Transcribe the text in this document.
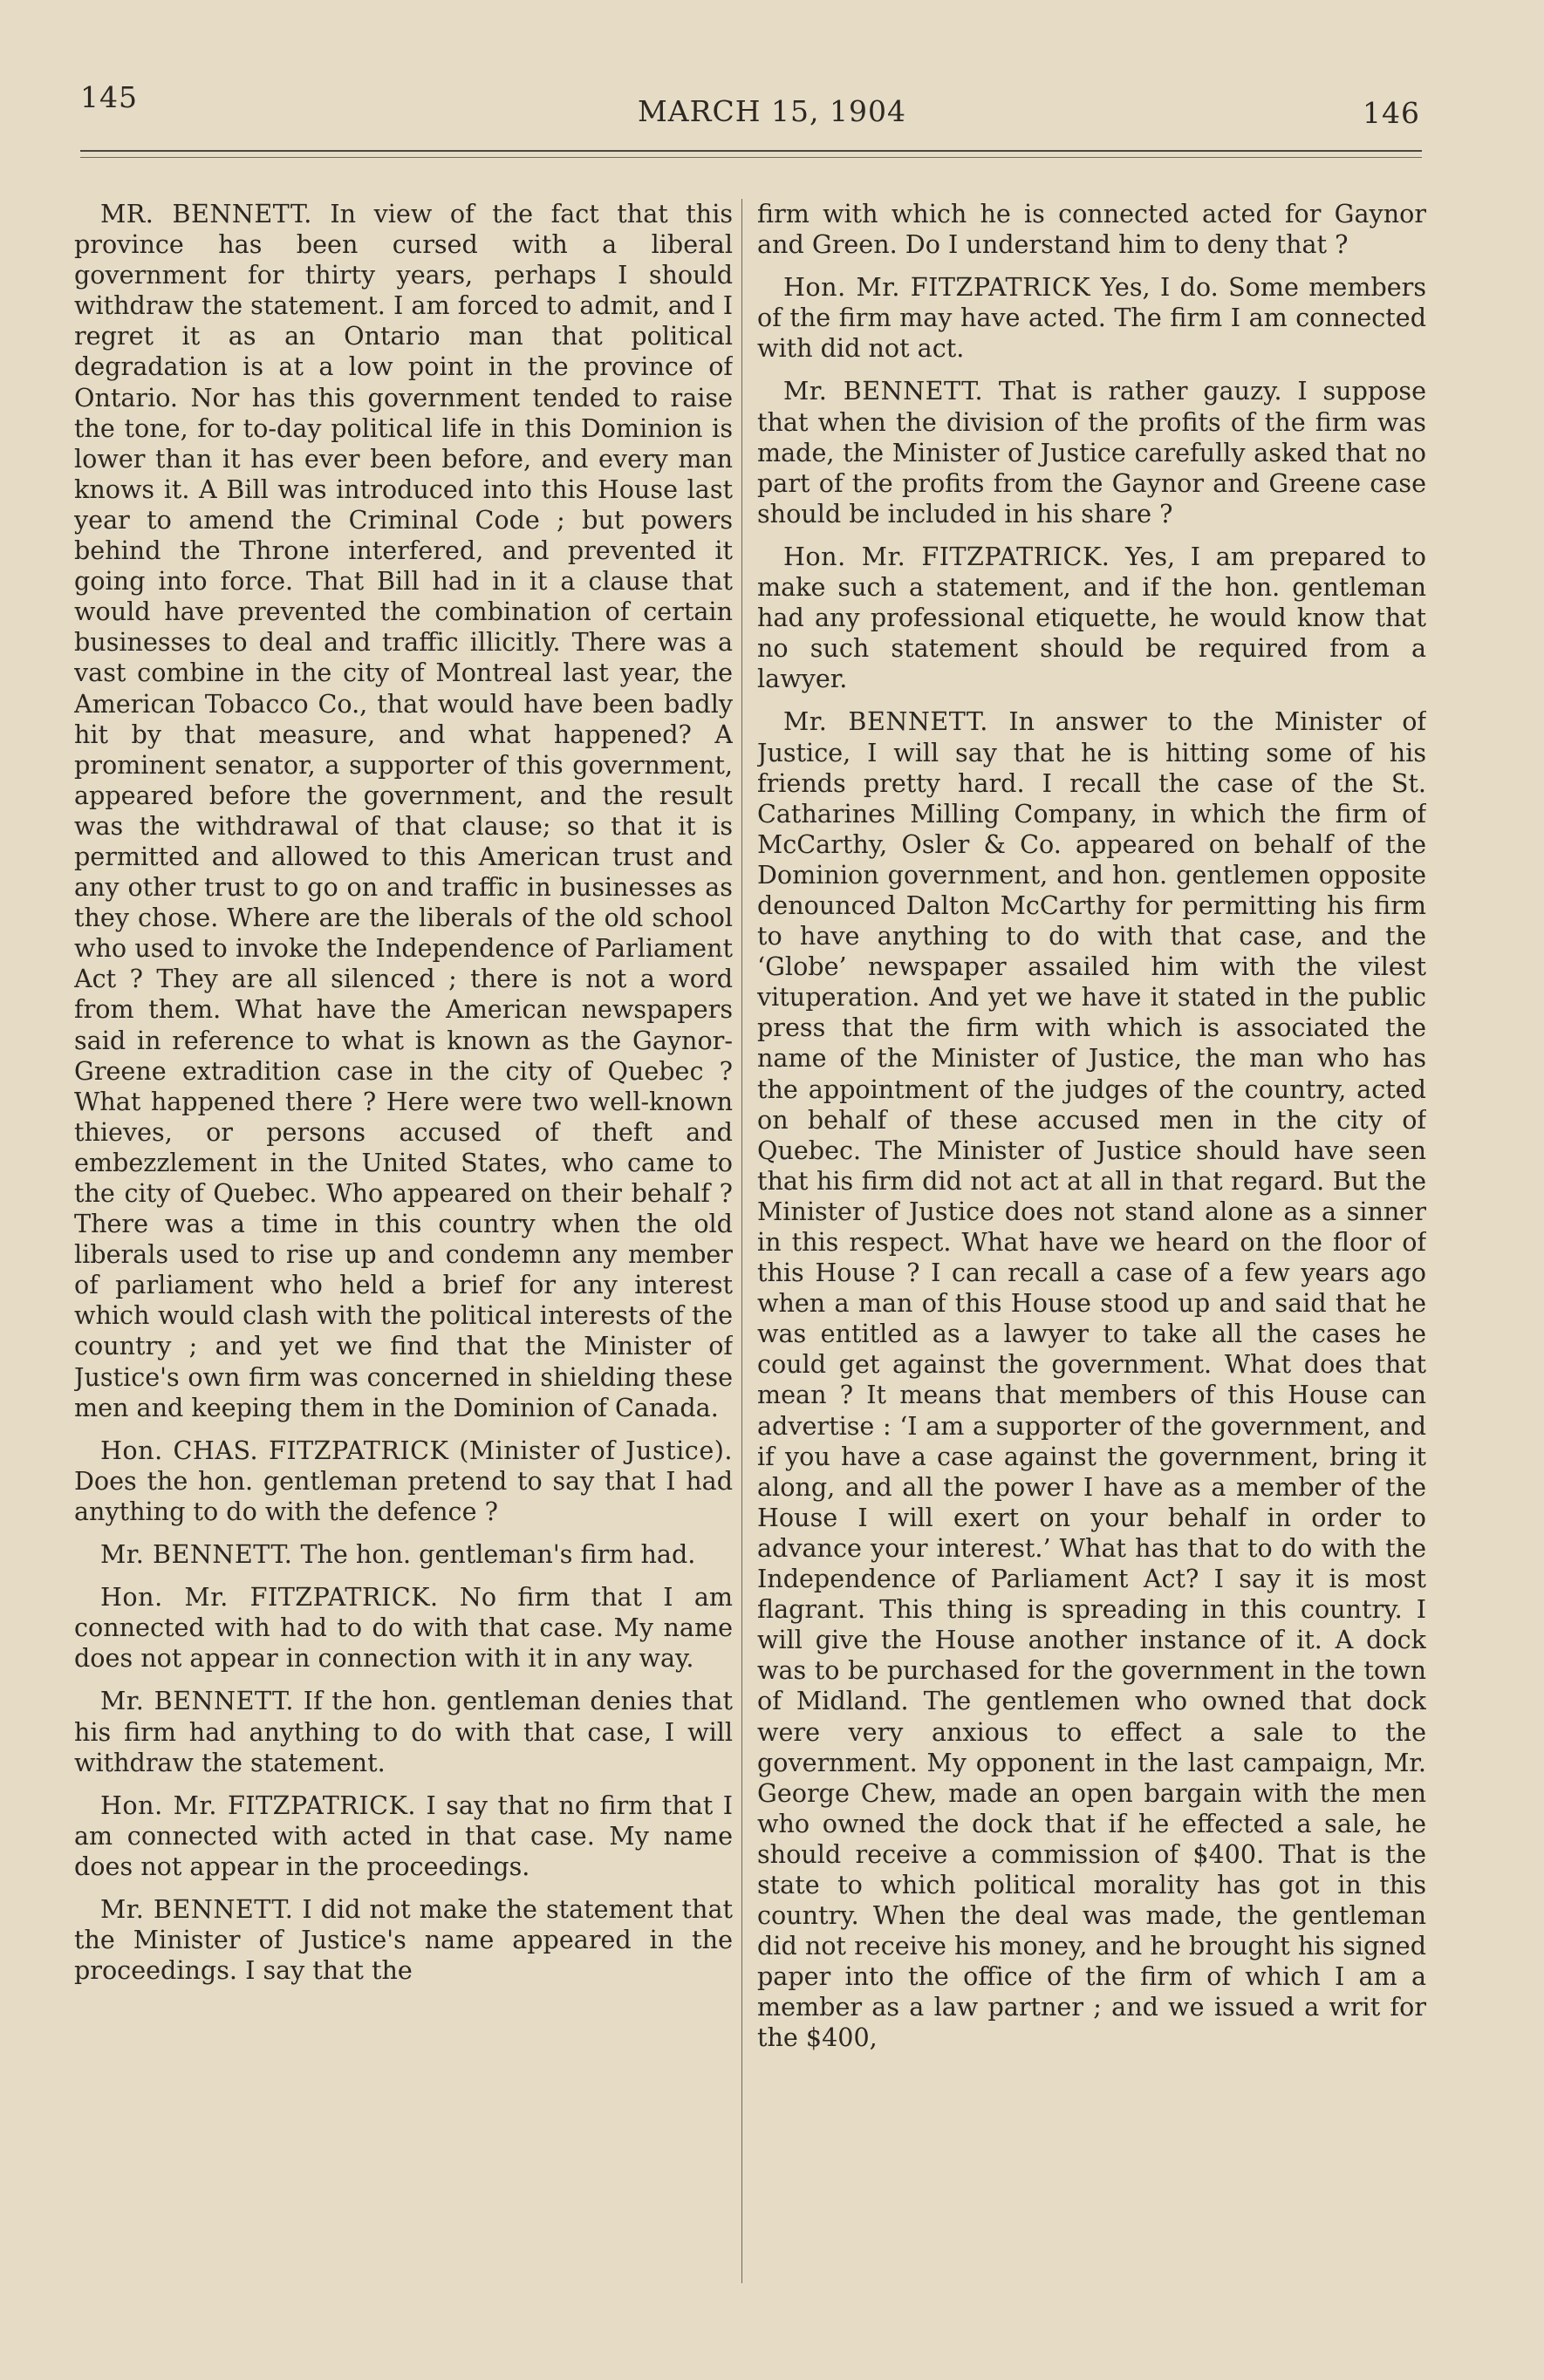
145	MARCH 15, 1904	146

MR. BENNETT. In view of the fact that this province has been cursed with a liberal government for thirty years, perhaps I should withdraw the statement. I am forced to admit, and I regret it as an Ontario man that political degradation is at a low point in the province of Ontario. Nor has this government tended to raise the tone, for to-day political life in this Dominion is lower than it has ever been before, and every man knows it. A Bill was introduced into this House last year to amend the Criminal Code ; but powers behind the Throne interfered, and prevented it going into force. That Bill had in it a clause that would have prevented the combination of certain businesses to deal and traffic illicitly. There was a vast combine in the city of Montreal last year, the American Tobacco Co., that would have been badly hit by that measure, and what happened? A prominent senator, a supporter of this government, appeared before the government, and the result was the withdrawal of that clause; so that it is permitted and allowed to this American trust and any other trust to go on and traffic in businesses as they chose. Where are the liberals of the old school who used to invoke the Independence of Parliament Act ? They are all silenced ; there is not a word from them. What have the American newspapers said in reference to what is known as the Gaynor-Greene extradition case in the city of Quebec ? What happened there ? Here were two well-known thieves, or persons accused of theft and embezzlement in the United States, who came to the city of Quebec. Who appeared on their behalf ? There was a time in this country when the old liberals used to rise up and condemn any member of parliament who held a brief for any interest which would clash with the political interests of the country ; and yet we find that the Minister of Justice's own firm was concerned in shielding these men and keeping them in the Dominion of Canada.

Hon. CHAS. FITZPATRICK (Minister of Justice). Does the hon. gentleman pretend to say that I had anything to do with the defence ?

Mr. BENNETT. The hon. gentleman's firm had.

Hon. Mr. FITZPATRICK. No firm that I am connected with had to do with that case. My name does not appear in connection with it in any way.

Mr. BENNETT. If the hon. gentleman denies that his firm had anything to do with that case, I will withdraw the statement.

Hon. Mr. FITZPATRICK. I say that no firm that I am connected with acted in that case. My name does not appear in the proceedings.

Mr. BENNETT. I did not make the statement that the Minister of Justice's name appeared in the proceedings. I say that the

firm with which he is connected acted for Gaynor and Green. Do I understand him to deny that ?

Hon. Mr. FITZPATRICK Yes, I do. Some members of the firm may have acted. The firm I am connected with did not act.

Mr. BENNETT. That is rather gauzy. I suppose that when the division of the profits of the firm was made, the Minister of Justice carefully asked that no part of the profits from the Gaynor and Greene case should be included in his share ?

Hon. Mr. FITZPATRICK. Yes, I am prepared to make such a statement, and if the hon. gentleman had any professional etiquette, he would know that no such statement should be required from a lawyer.

Mr. BENNETT. In answer to the Minister of Justice, I will say that he is hitting some of his friends pretty hard. I recall the case of the St. Catharines Milling Company, in which the firm of McCarthy, Osler & Co. appeared on behalf of the Dominion government, and hon. gentlemen opposite denounced Dalton McCarthy for permitting his firm to have anything to do with that case, and the ‘Globe’ newspaper assailed him with the vilest vituperation. And yet we have it stated in the public press that the firm with which is associated the name of the Minister of Justice, the man who has the appointment of the judges of the country, acted on behalf of these accused men in the city of Quebec. The Minister of Justice should have seen that his firm did not act at all in that regard. But the Minister of Justice does not stand alone as a sinner in this respect. What have we heard on the floor of this House ? I can recall a case of a few years ago when a man of this House stood up and said that he was entitled as a lawyer to take all the cases he could get against the government. What does that mean ? It means that members of this House can advertise : ‘I am a supporter of the government, and if you have a case against the government, bring it along, and all the power I have as a member of the House I will exert on your behalf in order to advance your interest.’ What has that to do with the Independence of Parliament Act? I say it is most flagrant. This thing is spreading in this country. I will give the House another instance of it. A dock was to be purchased for the government in the town of Midland. The gentlemen who owned that dock were very anxious to effect a sale to the government. My opponent in the last campaign, Mr. George Chew, made an open bargain with the men who owned the dock that if he effected a sale, he should receive a commission of $400. That is the state to which political morality has got in this country. When the deal was made, the gentleman did not receive his money, and he brought his signed paper into the office of the firm of which I am a member as a law partner ; and we issued a writ for the $400,
